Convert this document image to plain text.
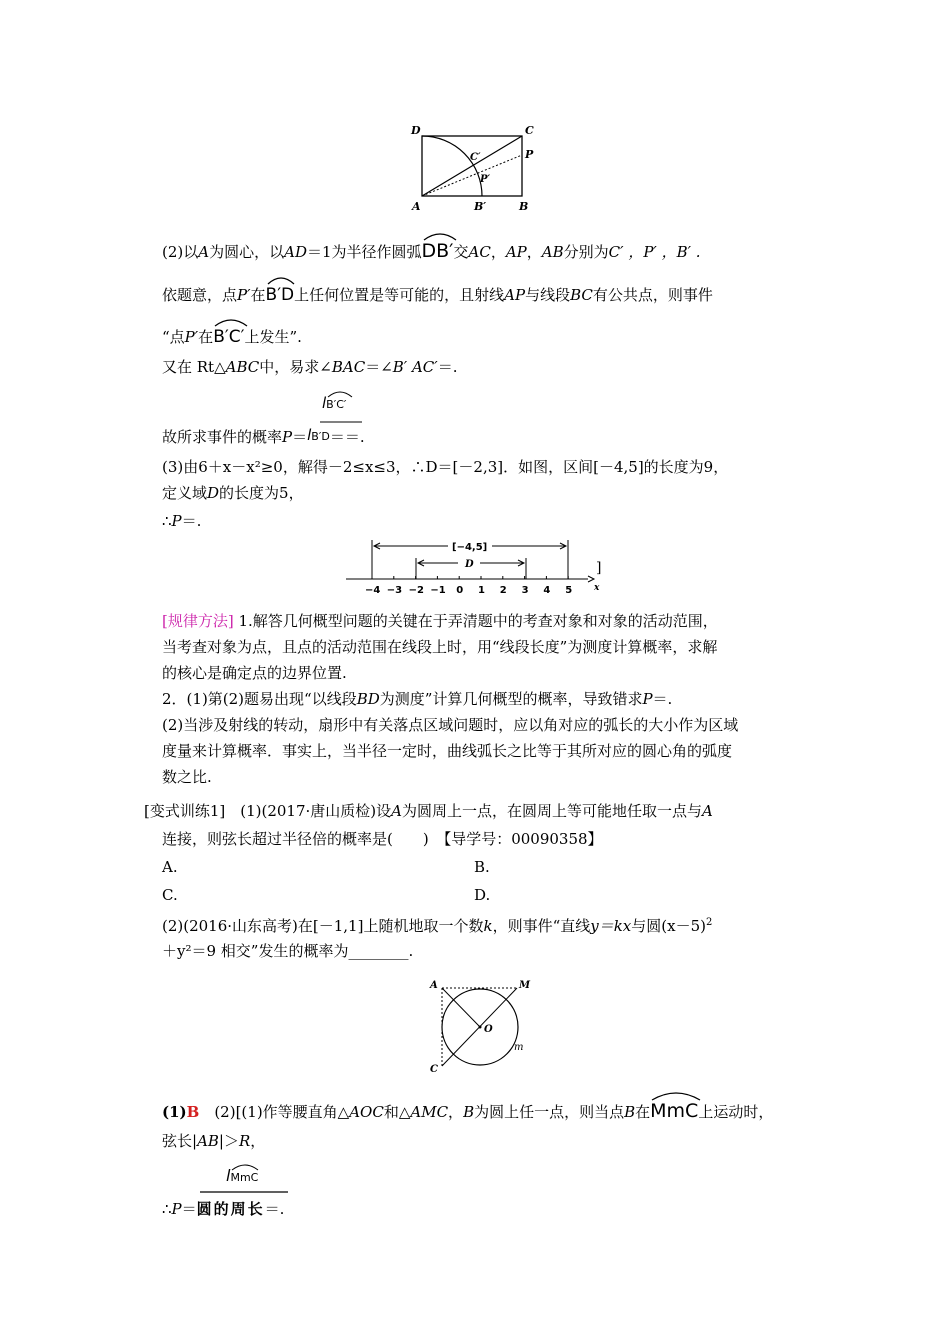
D	C
C′	P
P′
A	B′	B
(2)以A为圆心，以AD＝1为半径作圆弧
DB′交AC，AP，AB分别为C′ ，P′ ，B′ .
依题意，点P′在
B′D上任何位置是等可能的，且射线AP与线段BC有公共点，则事件
“点P′在
B′C′上发生”.
又在 Rt△ABC中，易求∠BAC＝∠B′ AC′＝.
l
B′C′
故所求事件的概率P＝lB′D＝＝.
(3)由6＋x－x²≥0，解得－2≤x≤3，∴D＝[－2,3]．如图，区间[－4,5]的长度为9，
定义域D的长度为5，
∴P＝.
[−4,5]
D	]
x
−4 −3 −2 −1 0 1 2 3 4 5
[规律方法] 1.解答几何概型问题的关键在于弄清题中的考查对象和对象的活动范围，
当考查对象为点，且点的活动范围在线段上时，用“线段长度”为测度计算概率，求解
的核心是确定点的边界位置.
2．(1)第(2)题易出现“以线段BD为测度”计算几何概型的概率，导致错求P＝.
(2)当涉及射线的转动，扇形中有关落点区域问题时，应以角对应的弧长的大小作为区域
度量来计算概率．事实上，当半径一定时，曲线弧长之比等于其所对应的圆心角的弧度
数之比.
[变式训练1]　(1)(2017·唐山质检)设A为圆周上一点，在圆周上等可能地任取一点与A
连接，则弦长超过半径倍的概率是(　　)　【导学号：00090358】
A.	B.
C.	D.
(2)(2016·山东高考)在[－1,1]上随机地取一个数k，则事件“直线y＝kx与圆$(x-5)^2$
＋y²＝9 相交”发生的概率为________.
A	M
O
m
C
(1)B　(2)[(1)作等腰直角△AOC和△AMC，B为圆上任一点，则当点B在
MmC上运动时，
弦长|AB|＞R，
l
MmC
∴P＝圆的周长＝.
